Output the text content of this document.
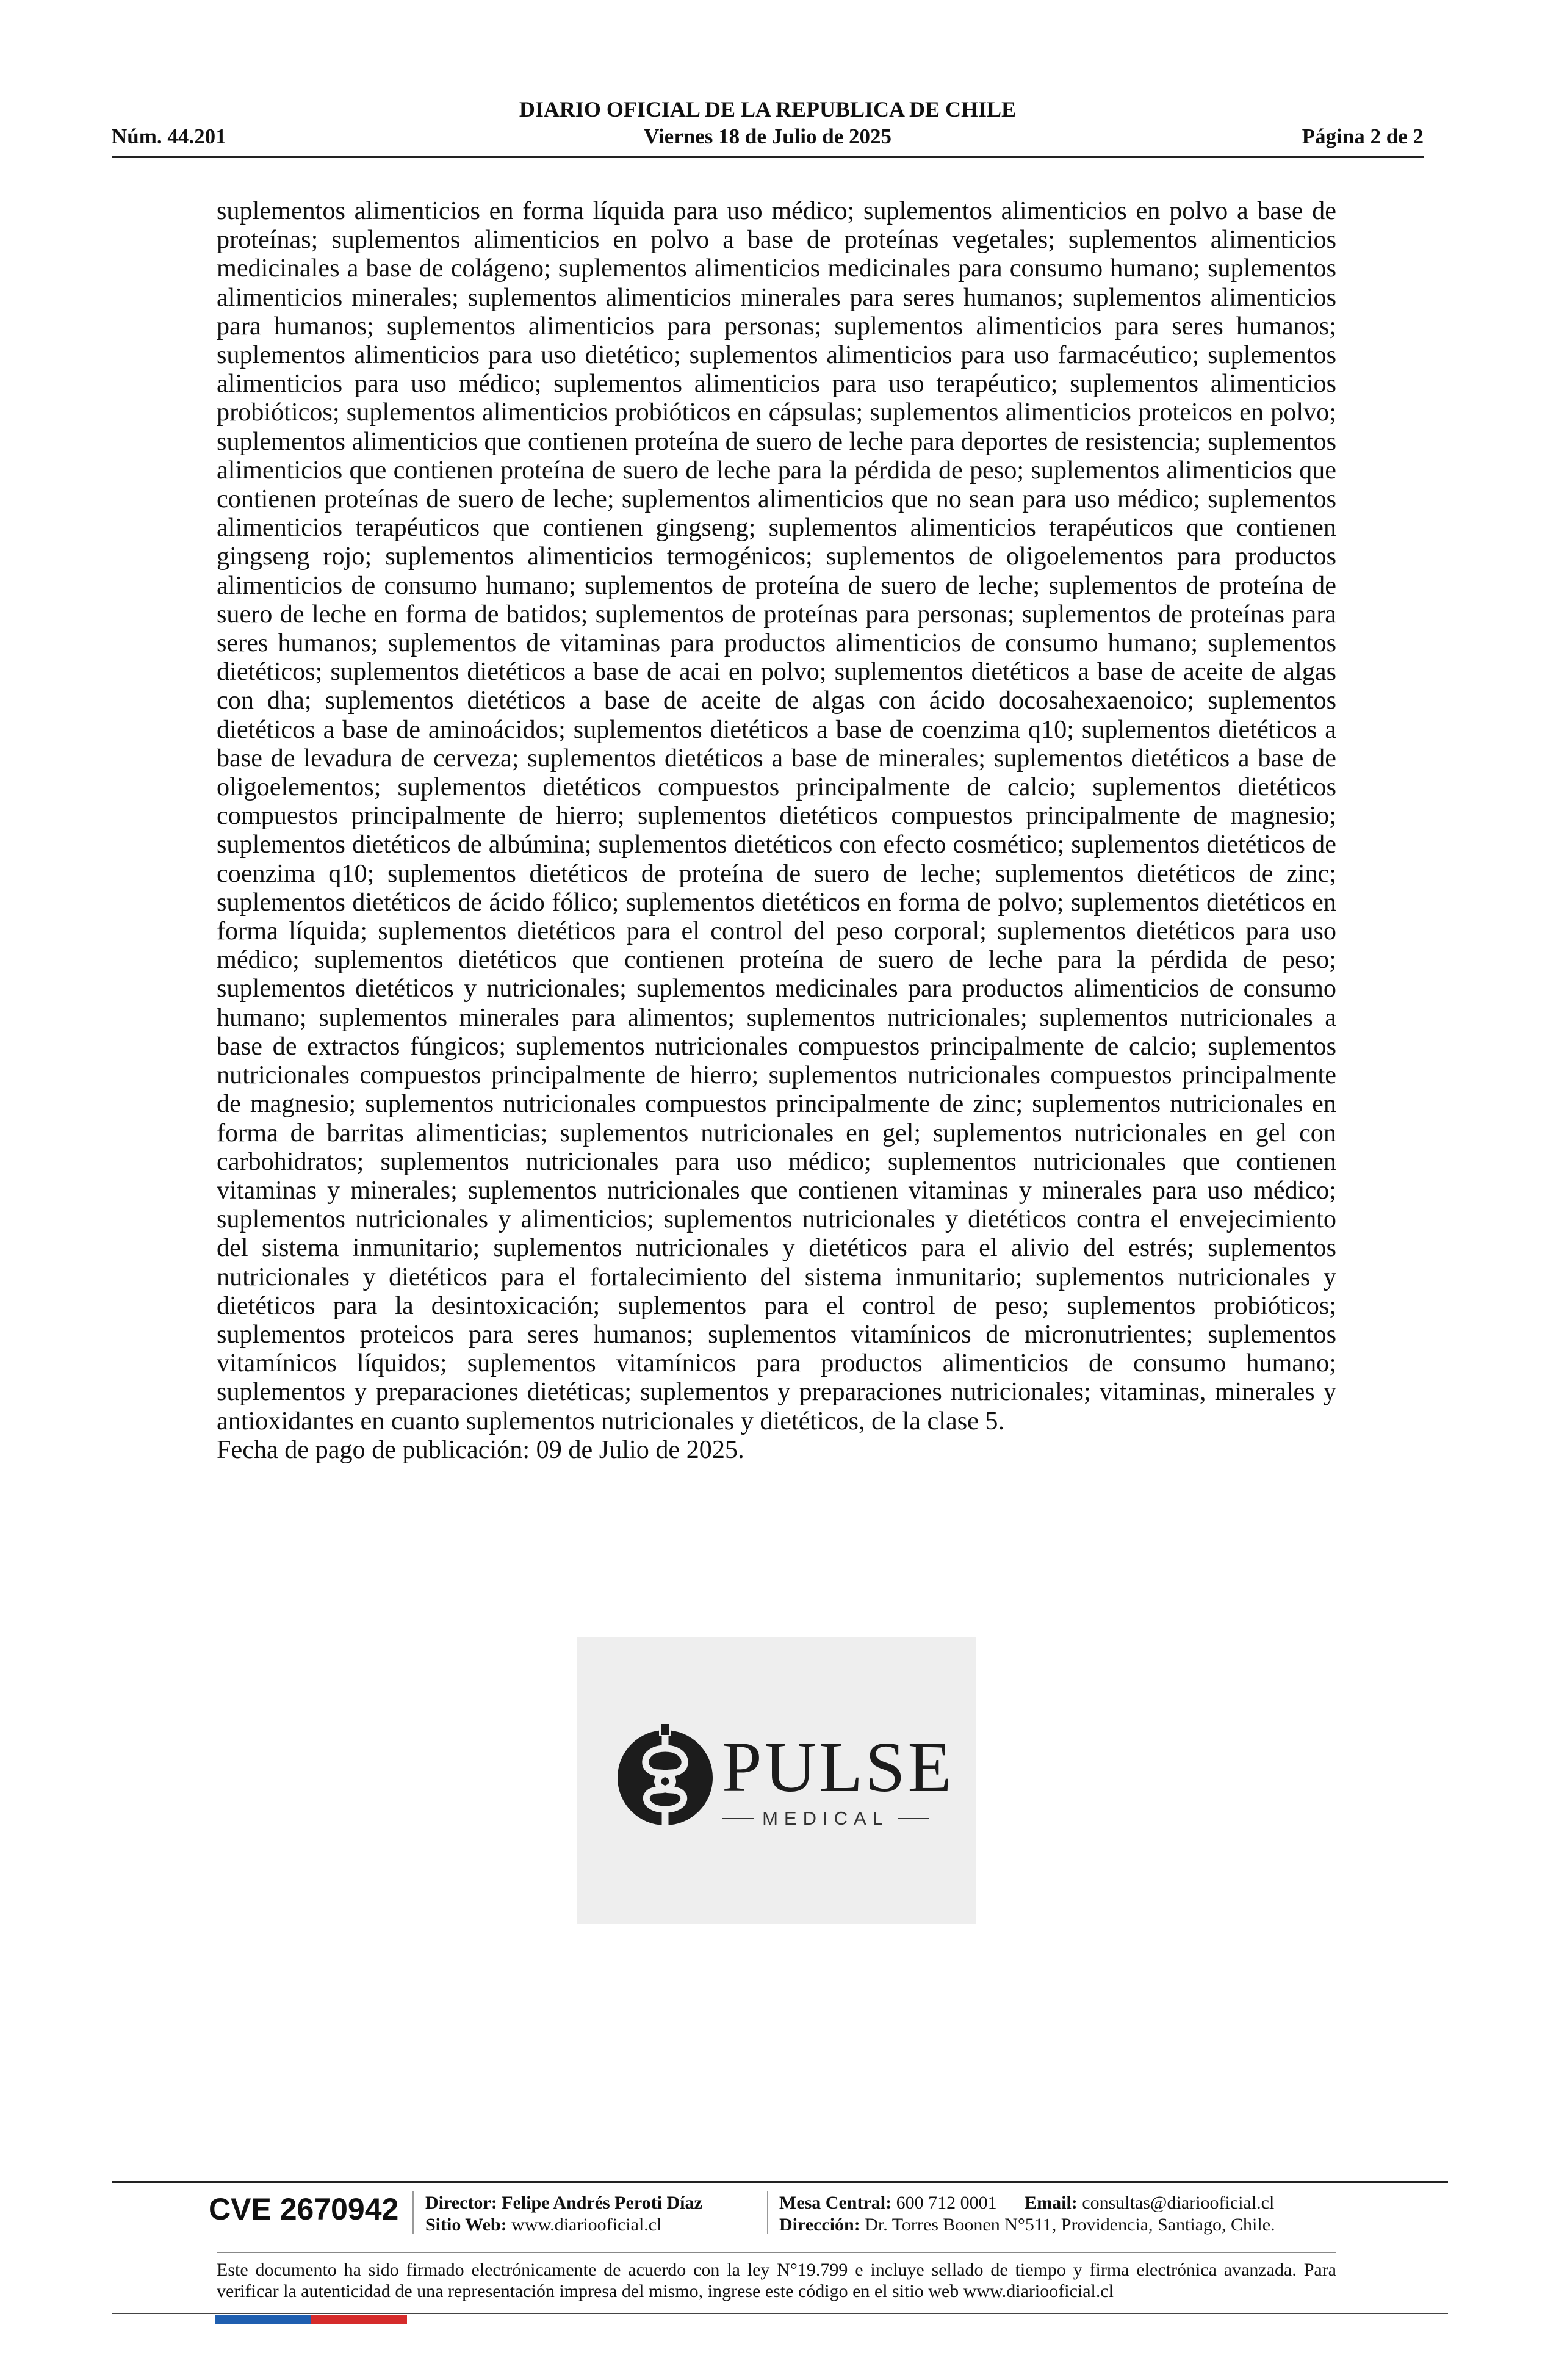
DIARIO OFICIAL DE LA REPUBLICA DE CHILE
Núm. 44.201	Viernes 18 de Julio de 2025	Página 2 de 2

suplementos alimenticios en forma líquida para uso médico; suplementos alimenticios en polvo a base de proteínas; suplementos alimenticios en polvo a base de proteínas vegetales; suplementos alimenticios medicinales a base de colágeno; suplementos alimenticios medicinales para consumo humano; suplementos alimenticios minerales; suplementos alimenticios minerales para seres humanos; suplementos alimenticios para humanos; suplementos alimenticios para personas; suplementos alimenticios para seres humanos; suplementos alimenticios para uso dietético; suplementos alimenticios para uso farmacéutico; suplementos alimenticios para uso médico; suplementos alimenticios para uso terapéutico; suplementos alimenticios probióticos; suplementos alimenticios probióticos en cápsulas; suplementos alimenticios proteicos en polvo; suplementos alimenticios que contienen proteína de suero de leche para deportes de resistencia; suplementos alimenticios que contienen proteína de suero de leche para la pérdida de peso; suplementos alimenticios que contienen proteínas de suero de leche; suplementos alimenticios que no sean para uso médico; suplementos alimenticios terapéuticos que contienen gingseng; suplementos alimenticios terapéuticos que contienen gingseng rojo; suplementos alimenticios termogénicos; suplementos de oligoelementos para productos alimenticios de consumo humano; suplementos de proteína de suero de leche; suplementos de proteína de suero de leche en forma de batidos; suplementos de proteínas para personas; suplementos de proteínas para seres humanos; suplementos de vitaminas para productos alimenticios de consumo humano; suplementos dietéticos; suplementos dietéticos a base de acai en polvo; suplementos dietéticos a base de aceite de algas con dha; suplementos dietéticos a base de aceite de algas con ácido docosahexaenoico; suplementos dietéticos a base de aminoácidos; suplementos dietéticos a base de coenzima q10; suplementos dietéticos a base de levadura de cerveza; suplementos dietéticos a base de minerales; suplementos dietéticos a base de oligoelementos; suplementos dietéticos compuestos principalmente de calcio; suplementos dietéticos compuestos principalmente de hierro; suplementos dietéticos compuestos principalmente de magnesio; suplementos dietéticos de albúmina; suplementos dietéticos con efecto cosmético; suplementos dietéticos de coenzima q10; suplementos dietéticos de proteína de suero de leche; suplementos dietéticos de zinc; suplementos dietéticos de ácido fólico; suplementos dietéticos en forma de polvo; suplementos dietéticos en forma líquida; suplementos dietéticos para el control del peso corporal; suplementos dietéticos para uso médico; suplementos dietéticos que contienen proteína de suero de leche para la pérdida de peso; suplementos dietéticos y nutricionales; suplementos medicinales para productos alimenticios de consumo humano; suplementos minerales para alimentos; suplementos nutricionales; suplementos nutricionales a base de extractos fúngicos; suplementos nutricionales compuestos principalmente de calcio; suplementos nutricionales compuestos principalmente de hierro; suplementos nutricionales compuestos principalmente de magnesio; suplementos nutricionales compuestos principalmente de zinc; suplementos nutricionales en forma de barritas alimenticias; suplementos nutricionales en gel; suplementos nutricionales en gel con carbohidratos; suplementos nutricionales para uso médico; suplementos nutricionales que contienen vitaminas y minerales; suplementos nutricionales que contienen vitaminas y minerales para uso médico; suplementos nutricionales y alimenticios; suplementos nutricionales y dietéticos contra el envejecimiento del sistema inmunitario; suplementos nutricionales y dietéticos para el alivio del estrés; suplementos nutricionales y dietéticos para el fortalecimiento del sistema inmunitario; suplementos nutricionales y dietéticos para la desintoxicación; suplementos para el control de peso; suplementos probióticos; suplementos proteicos para seres humanos; suplementos vitamínicos de micronutrientes; suplementos vitamínicos líquidos; suplementos vitamínicos para productos alimenticios de consumo humano; suplementos y preparaciones dietéticas; suplementos y preparaciones nutricionales; vitaminas, minerales y antioxidantes en cuanto suplementos nutricionales y dietéticos, de la clase 5.

Fecha de pago de publicación: 09 de Julio de 2025.

PULSE
MEDICAL
CVE 2670942 Director: Felipe Andrés Peroti Díaz
Sitio Web: www.diariooficial.cl
Mesa Central: 600 712 0001 Email: consultas@diariooficial.cl
Dirección: Dr. Torres Boonen N°511, Providencia, Santiago, Chile.
Este documento ha sido firmado electrónicamente de acuerdo con la ley N°19.799 e incluye sellado de tiempo y firma electrónica avanzada. Para verificar la autenticidad de una representación impresa del mismo, ingrese este código en el sitio web www.diariooficial.cl
